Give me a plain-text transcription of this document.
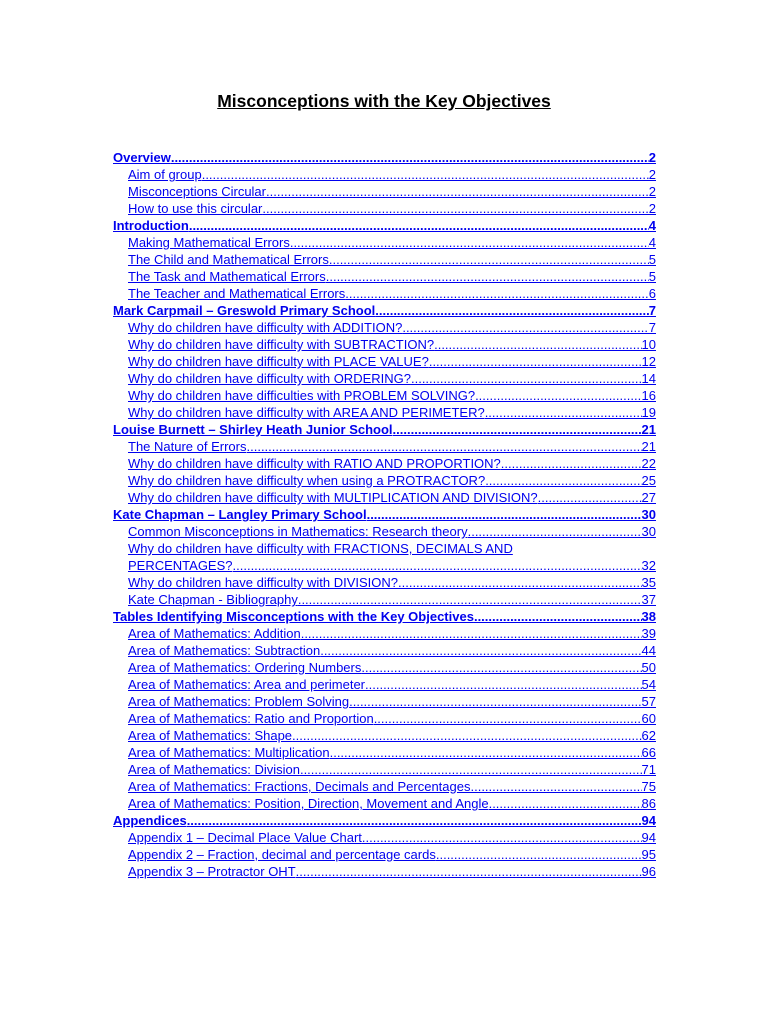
Misconceptions with the Key Objectives
Overview .....	2
Aim of group .....	2
Misconceptions Circular .....	2
How to use this circular .....	2
Introduction .....	4
Making Mathematical Errors .....	4
The Child and Mathematical Errors .....	5
The Task and Mathematical Errors .....	5
The Teacher and Mathematical Errors .....	6
Mark Carpmail – Greswold Primary School .....	7
Why do children have difficulty with ADDITION? .....	7
Why do children have difficulty with SUBTRACTION? .....	10
Why do children have difficulty with PLACE VALUE? .....	12
Why do children have difficulty with ORDERING? .....	14
Why do children have difficulties with PROBLEM SOLVING? .....	16
Why do children have difficulty with AREA AND PERIMETER? .....	19
Louise Burnett – Shirley Heath Junior School .....	21
The Nature of Errors .....	21
Why do children have difficulty with RATIO AND PROPORTION? .....	22
Why do children have difficulty when using a PROTRACTOR? .....	25
Why do children have difficulty with MULTIPLICATION AND DIVISION? .....	27
Kate Chapman – Langley Primary School .....	30
Common Misconceptions in Mathematics: Research theory .....	30
Why do children have difficulty with FRACTIONS, DECIMALS AND
PERCENTAGES? .....	32
Why do children have difficulty with DIVISION? .....	35
Kate Chapman - Bibliography .....	37
Tables Identifying Misconceptions with the Key Objectives .....	38
Area of Mathematics: Addition .....	39
Area of Mathematics: Subtraction .....	44
Area of Mathematics: Ordering Numbers .....	50
Area of Mathematics: Area and perimeter .....	54
Area of Mathematics: Problem Solving .....	57
Area of Mathematics: Ratio and Proportion .....	60
Area of Mathematics: Shape .....	62
Area of Mathematics: Multiplication .....	66
Area of Mathematics: Division .....	71
Area of Mathematics: Fractions, Decimals and Percentages .....	75
Area of Mathematics: Position, Direction, Movement and Angle .....	86
Appendices .....	94
Appendix 1 – Decimal Place Value Chart .....	94
Appendix 2 – Fraction, decimal and percentage cards .....	95
Appendix 3 – Protractor OHT .....	96
